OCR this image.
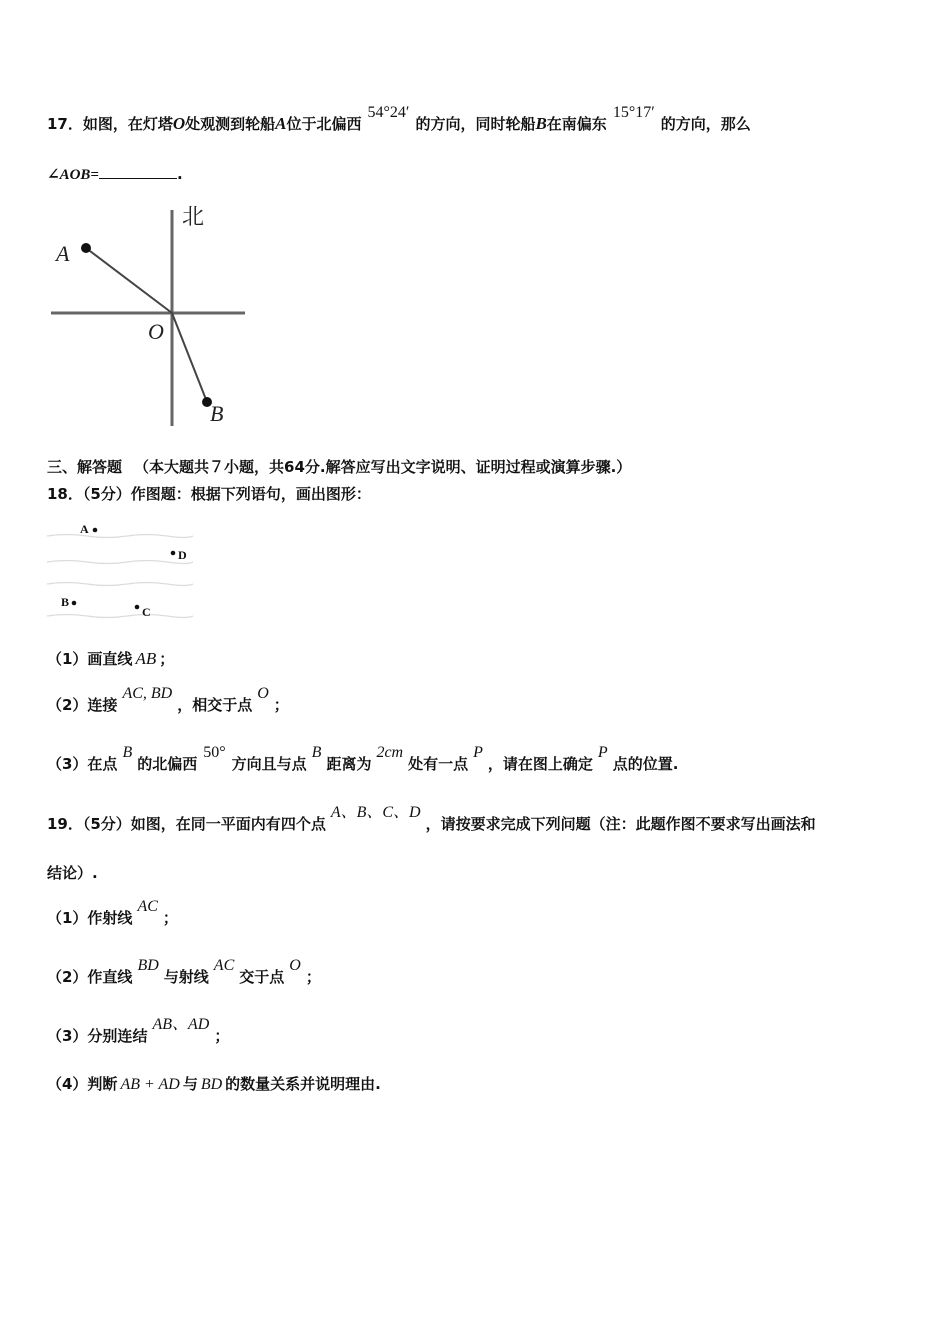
17．如图，在灯塔O处观测到轮船A位于北偏西54°24′的方向，同时轮船B在南偏东15°17′的方向，那么
∠AOB=	.
北
A
O
B
三、解答题 （本大题共７小题，共64分.解答应写出文字说明、证明过程或演算步骤.）
18．（5分）作图题：根据下列语句，画出图形：
A
D
B
C
（1）画直线 AB ；
（2）连接AC, BD，相交于点O；
（3）在点B的北偏西50°方向且与点B距离为2cm处有一点P，请在图上确定P点的位置.
19．（5分）如图，在同一平面内有四个点A、B、C、D，请按要求完成下列问题（注：此题作图不要求写出画法和
结论）.
（1）作射线AC；
（2）作直线BD与射线AC交于点O；
（3）分别连结AB、AD；
（4）判断 AB + AD 与 BD 的数量关系并说明理由.
